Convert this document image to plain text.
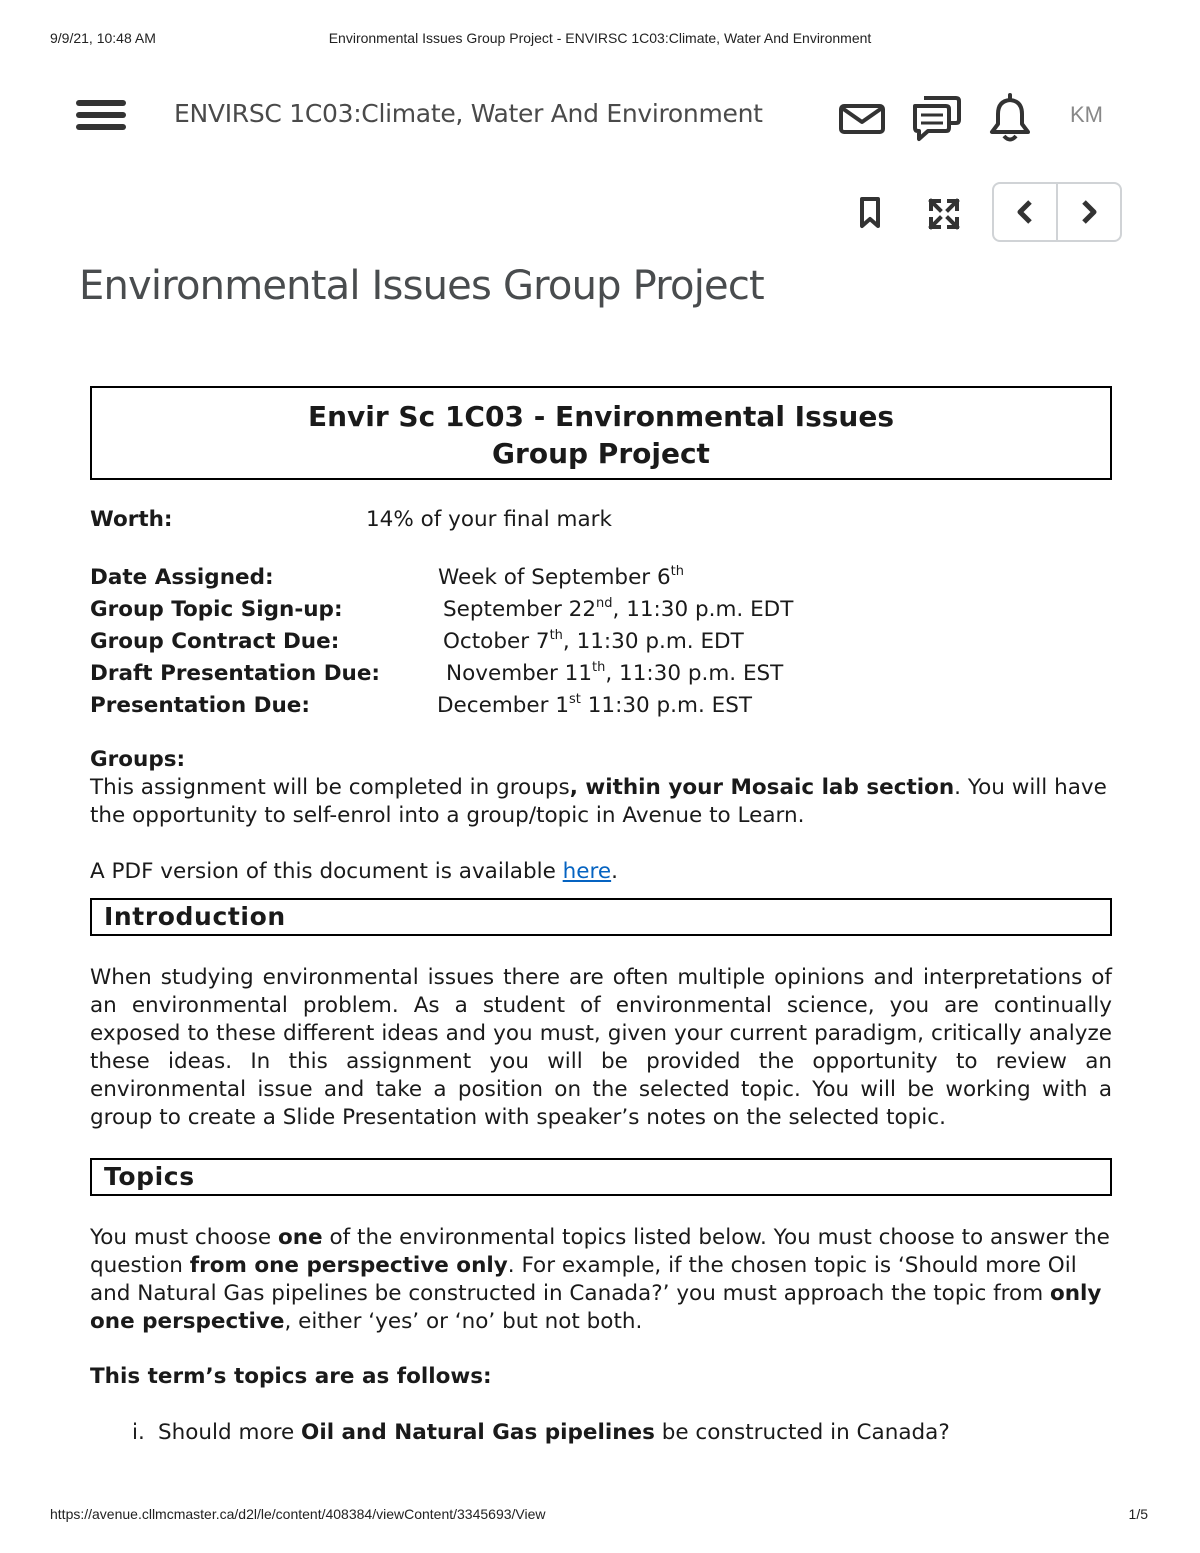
9/9/21, 10:48 AM	Environmental Issues Group Project - ENVIRSC 1C03:Climate, Water And Environment
ENVIRSC 1C03:Climate, Water And Environment	KM
Environmental Issues Group Project
Envir Sc 1C03 - Environmental Issues
Group Project
Worth:	14% of your final mark
Date Assigned:	Week of September 6th
Group Topic Sign-up:	September 22nd, 11:30 p.m. EDT
Group Contract Due:	October 7th, 11:30 p.m. EDT
Draft Presentation Due:	November 11th, 11:30 p.m. EST
Presentation Due:	December 1st 11:30 p.m. EST

Groups:

This assignment will be completed in groups, within your Mosaic lab section. You will have the opportunity to self-enrol into a group/topic in Avenue to Learn.

A PDF version of this document is available here.

Introduction

When studying environmental issues there are often multiple opinions and interpretations of an environmental problem. As a student of environmental science, you are continually exposed to these different ideas and you must, given your current paradigm, critically analyze these ideas. In this assignment you will be provided the opportunity to review an environmental issue and take a position on the selected topic. You will be working with a group to create a Slide Presentation with speaker’s notes on the selected topic.

Topics

You must choose one of the environmental topics listed below. You must choose to answer the question from one perspective only. For example, if the chosen topic is ‘Should more Oil and Natural Gas pipelines be constructed in Canada?’ you must approach the topic from only one perspective, either ‘yes’ or ‘no’ but not both.

This term’s topics are as follows:

i. Should more Oil and Natural Gas pipelines be constructed in Canada?
https://avenue.cllmcmaster.ca/d2l/le/content/408384/viewContent/3345693/View	1/5
